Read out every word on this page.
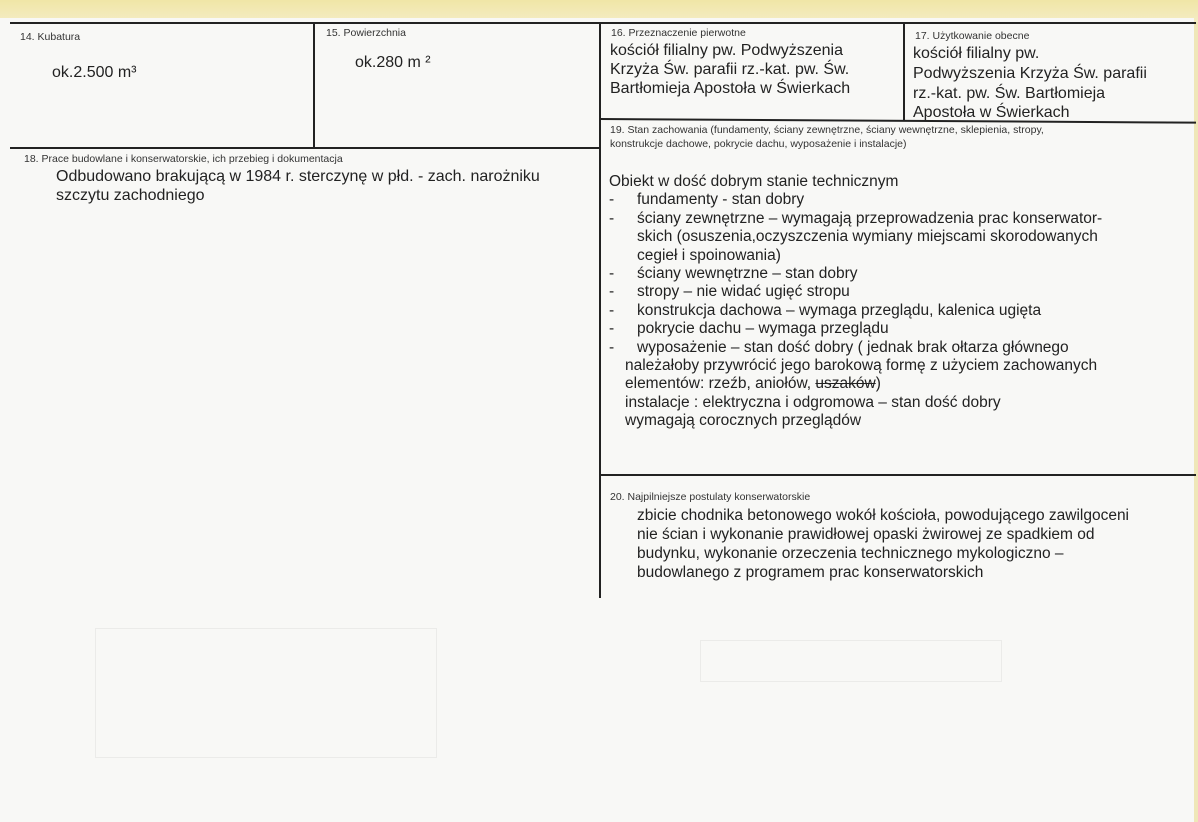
14. Kubatura
ok.2.500 m³
15. Powierzchnia
ok.280 m ²
16. Przeznaczenie pierwotne
kościół filialny pw. Podwyższenia
Krzyża Św. parafii rz.-kat. pw. Św.
Bartłomieja Apostoła w Świerkach
17. Użytkowanie obecne
kościół filialny pw.
Podwyższenia Krzyża Św. parafii
rz.-kat. pw. Św. Bartłomieja
Apostoła w Świerkach
18. Prace budowlane i konserwatorskie, ich przebieg i dokumentacja
Odbudowano brakującą w 1984 r. sterczynę w płd. - zach. narożniku
szczytu zachodniego
19. Stan zachowania (fundamenty, ściany zewnętrzne, ściany wewnętrzne, sklepienia, stropy,
konstrukcje dachowe, pokrycie dachu, wyposażenie i instalacje)
Obiekt w dość dobrym stanie technicznym
- fundamenty - stan dobry
- ściany zewnętrzne – wymagają przeprowadzenia prac konserwator-
skich (osuszenia,oczyszczenia wymiany miejscami skorodowanych
cegieł i spoinowania)
- ściany wewnętrzne – stan dobry
- stropy – nie widać ugięć stropu
- konstrukcja dachowa – wymaga przeglądu, kalenica ugięta
- pokrycie dachu – wymaga przeglądu
- wyposażenie – stan dość dobry ( jednak brak ołtarza głównego
należałoby przywrócić jego barokową formę z użyciem zachowanych
elementów: rzeźb, aniołów, uszaków)
instalacje : elektryczna i odgromowa – stan dość dobry
wymagają corocznych przeglądów
20. Najpilniejsze postulaty konserwatorskie
zbicie chodnika betonowego wokół kościoła, powodującego zawilgoceni
nie ścian i wykonanie prawidłowej opaski żwirowej ze spadkiem od
budynku, wykonanie orzeczenia technicznego mykologiczno –
budowlanego z programem prac konserwatorskich
